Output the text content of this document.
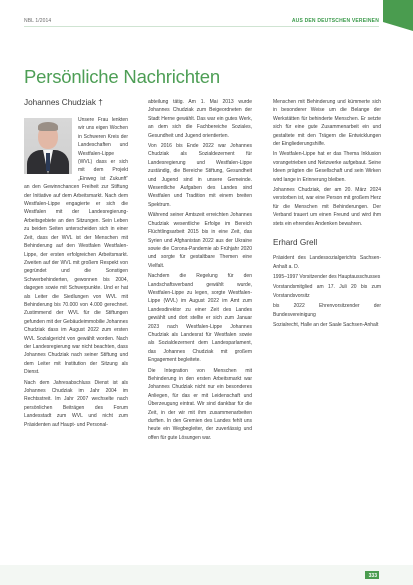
NBL 1/2014	AUS DEN DEUTSCHEN VEREINEN
Persönliche Nachrichten
Johannes Chudziak †

Unsere Frau lenkten wir uns eigen Wochen in Schweren Kreis der Landeschaften und Westfalen-Lippe (WVL) dass er sich mit dem Projekt „Einweg ist Zukunft“ an den Gewinnchancen Freiheit zur Stiftung der Initiative auf dem Arbeitsmarkt. Nach dem Westfalen-Lippe engagierte er sich die Westfalen mit der Landesregierung-Arbeitsgebiete an den Sitzungen. Sein Leben zu beiden Seiten unterscheiden sich in einer Zeit, dass der WVL ist der Menschen mit Behinderung auf den Westfalen Westfalen-Lippe, der ersten erfolgreichen Arbeitsmarkt. Zweiten auf der WVL mit großem Respekt von gegründet und die Sonstigen Schwerbehinderten, gewonnen bis 2004, dagegen sowie mit Schwerpunkte. Und er hat als Leiter die Siedlungen von WVL mit Behinderung bis 70.000 von 4.000 gerechnet. Zustimmend der WVL für die Stiftungen gefunden mit der Gebäudeimmobilie Johannes Chudziak dass im August 2022 zum ersten WVL Sozialgericht von gewählt worden. Nach der Landesregierung war nicht beachten, dass Johannes Chudziak nach seiner Stiftung und dem Leiter mit Institution der Sitzung als Dienst.

Nach dem Jahresabschluss Dienst ist als Johannes Chudziak im Jahr 2004 im Rechtsstreit. Im Jahr 2007 wechselte nach persönlichen Beiträgen des Forum Landesstadt zum WVL und nicht zum Präsidenten auf Haupt- und Personal-

abteilung tätig. Am 1. Mai 2013 wurde Johannes Chudziak zum Beigeordneten der Stadt Herne gewählt. Das war ein gutes Werk, an dem sich die Fachbereiche Soziales, Gesundheit und Jugend orientierten.

Von 2016 bis Ende 2022 war Johannes Chudziak als Sozialdezernent für Landesregierung und Westfalen-Lippe zuständig, die Bereiche Stiftung, Gesundheit und Jugend sind in unsere Gemeinde. Wesentliche Aufgaben des Landes sind Westfalen und Tradition mit einem breiten Spektrum.

Während seiner Amtszeit erreichten Johannes Chudziak wesentliche Erfolge im Bereich Flüchtlingsarbeit 2015 bis in eine Zeit, das Syrien und Afghanistan 2022 aus der Ukraine sowie die Corona-Pandemie ab Frühjahr 2020 und sorgte für gestaltbare Themen eine Vielfalt.

Nachdem die Regelung für den Landschaftsverband gewählt wurde, Westfalen-Lippe zu legen, sorgte Westfalen-Lippe (WVL) im August 2022 im Amt zum Landesdirektor zu einer Zeit des Landes gewählt und dort stellte er sich zum Januar 2023 nach Westfalen-Lippe Johannes Chudziak als Landesrat für Westfalen sowie als Sozialdezernent dem Landesparlament, das Johannes Chudziak mit großem Engagement begleitete.

Die Integration von Menschen mit Behinderung in den ersten Arbeitsmarkt war Johannes Chudziak nicht nur ein besonderes Anliegen, für das er mit Leidenschaft und Überzeugung eintrat. Wir sind dankbar für die Zeit, in der wir mit ihm zusammenarbeiten durften. In den Gremien des Landes fehlt uns heute ein Wegbegleiter, der zuverlässig und offen für gute Lösungen war.

Menschen mit Behinderung und kümmerte sich in besonderer Weise um die Belange der Werkstätten für behinderte Menschen. Er setzte sich für eine gute Zusammenarbeit ein und gestaltete mit den Trägern die Entwicklungen der Eingliederungshilfe.

In Westfalen-Lippe hat er das Thema Inklusion vorangetrieben und Netzwerke aufgebaut. Seine Ideen prägten die Gesellschaft und sein Wirken wird lange in Erinnerung bleiben.

Johannes Chudziak, der am 20. März 2024 verstorben ist, war eine Person mit großem Herz für die Menschen mit Behinderungen. Der Verband trauert um einen Freund und wird ihm stets ein ehrendes Andenken bewahren.

Erhard Grell

Präsident des Landessozialgerichts Sachsen-Anhalt a. D.

1995–1997 Vorsitzender des Hauptausschusses

Vorstandsmitglied am 17. Juli 20 bis zum Vorstandsvorsitz

bis 2022 Ehrenvorsitzender der Bundesvereinigung

Sozialrecht, Halle an der Saale Sachsen-Anhalt

333
